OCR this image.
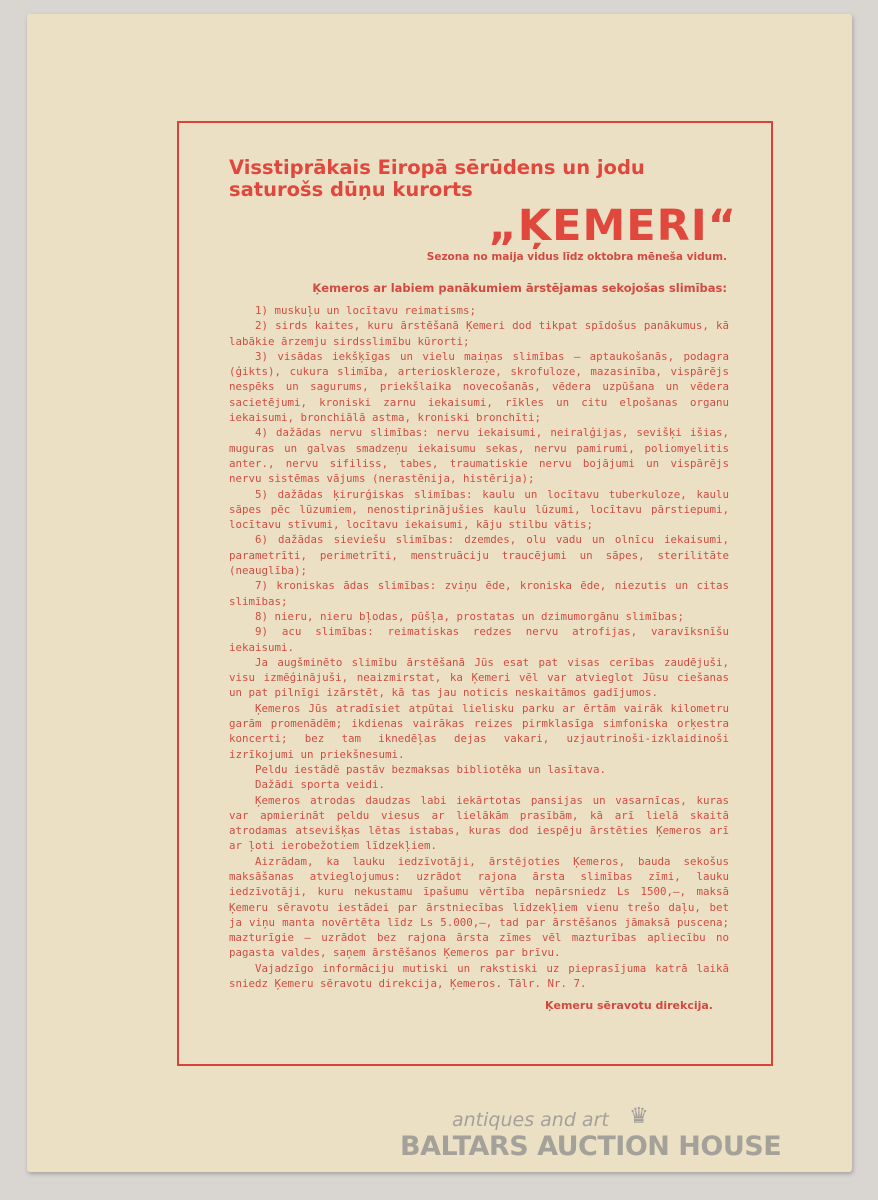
Visstiprākais Eiropā sērūdens un jodu saturošs dūņu kurorts

„ĶEMERI“

Sezona no maija vidus līdz oktobra mēneša vidum.

Ķemeros ar labiem panākumiem ārstējamas sekojošas slimības:

1) muskuļu un locītavu reimatisms;

2) sirds kaites, kuru ārstēšanā Ķemeri dod tikpat spīdošus panākumus, kā labākie ārzemju sirdsslimību kūrorti;

3) visādas iekšķīgas un vielu maiņas slimības — aptaukošanās, podagra (ģikts), cukura slimība, arterioskleroze, skrofuloze, mazasinība, vispārējs nespēks un sagurums, priekšlaika novecošanās, vēdera uzpūšana un vēdera sacietējumi, kroniski zarnu iekaisumi, rīkles un citu elpošanas organu iekaisumi, bronchiālā astma, kroniski bronchīti;

4) dažādas nervu slimības: nervu iekaisumi, neiralģijas, sevišķi išias, muguras un galvas smadzeņu iekaisumu sekas, nervu pamirumi, poliomyelitis anter., nervu sifiliss, tabes, traumatiskie nervu bojājumi un vispārējs nervu sistēmas vājums (nerastēnija, histērija);

5) dažādas ķirurģiskas slimības: kaulu un locītavu tuberkuloze, kaulu sāpes pēc lūzumiem, nenostiprinājušies kaulu lūzumi, locītavu pārstiepumi, locītavu stīvumi, locītavu iekaisumi, kāju stilbu vātis;

6) dažādas sieviešu slimības: dzemdes, olu vadu un olnīcu iekaisumi, parametrīti, perimetrīti, menstruāciju traucējumi un sāpes, sterilitāte (neauglība);

7) kroniskas ādas slimības: zviņu ēde, kroniska ēde, niezutis un citas slimības;

8) nieru, nieru bļodas, pūšļa, prostatas un dzimumorgānu slimības;

9) acu slimības: reimatiskas redzes nervu atrofijas, varavīksnīšu iekaisumi.

Ja augšminēto slimību ārstēšanā Jūs esat pat visas cerības zaudējuši, visu izmēģinājuši, neaizmirstat, ka Ķemeri vēl var atvieglot Jūsu ciešanas un pat pilnīgi izārstēt, kā tas jau noticis neskaitāmos gadījumos.

Ķemeros Jūs atradīsiet atpūtai lielisku parku ar ērtām vairāk kilometru garām promenādēm; ikdienas vairākas reizes pirmklasīga simfoniska orķestra koncerti; bez tam iknedēļas dejas vakari, uzjautrinoši-izklaidinoši izrīkojumi un priekšnesumi.

Peldu iestādē pastāv bezmaksas bibliotēka un lasītava.

Dažādi sporta veidi.

Ķemeros atrodas daudzas labi iekārtotas pansijas un vasarnīcas, kuras var apmierināt peldu viesus ar lielākām prasībām, kā arī lielā skaitā atrodamas atsevišķas lētas istabas, kuras dod iespēju ārstēties Ķemeros arī ar ļoti ierobežotiem līdzekļiem.

Aizrādam, ka lauku iedzīvotāji, ārstējoties Ķemeros, bauda sekošus maksāšanas atvieglojumus: uzrādot rajona ārsta slimības zīmi, lauku iedzīvotāji, kuru nekustamu īpašumu vērtība nepārsniedz Ls 1500,—, maksā Ķemeru sēravotu iestādei par ārstniecības līdzekļiem vienu trešo daļu, bet ja viņu manta novērtēta līdz Ls 5.000,—, tad par ārstēšanos jāmaksā puscena; mazturīgie — uzrādot bez rajona ārsta zīmes vēl mazturības apliecību no pagasta valdes, saņem ārstēšanos Ķemeros par brīvu.

Vajadzīgo informāciju mutiski un rakstiski uz pieprasījuma katrā laikā sniedz Ķemeru sēravotu direkcija, Ķemeros. Tālr. Nr. 7.

Ķemeru sēravotu direkcija.

antiques and art ♛
BALTARS AUCTION HOUSE
